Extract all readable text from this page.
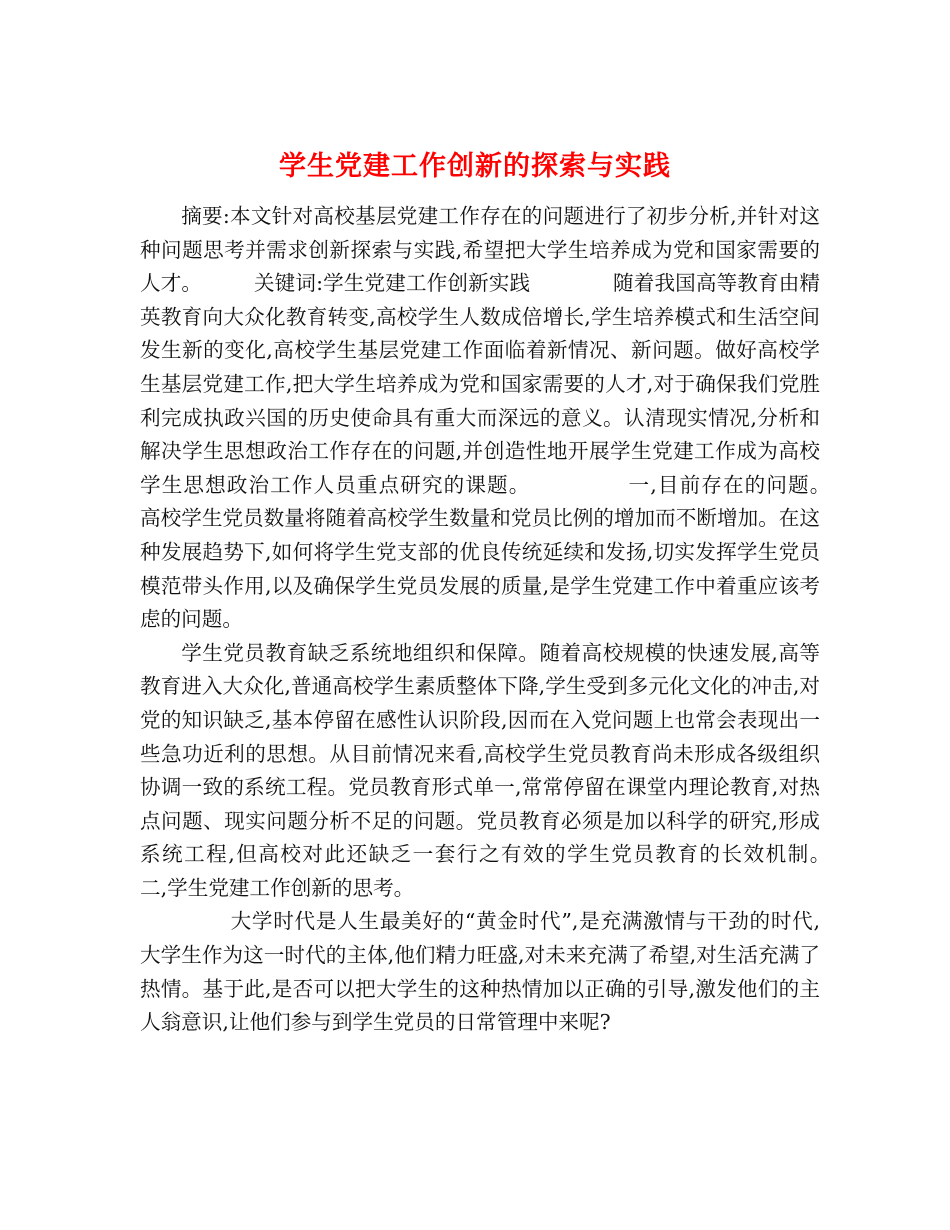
学生党建工作创新的探索与实践

摘要:本文针对高校基层党建工作存在的问题进行了初步分析,并针对这种问题思考并需求创新探索与实践,希望把大学生培养成为党和国家需要的人才。　　　关键词:学生党建工作创新实践　　　　随着我国高等教育由精英教育向大众化教育转变,高校学生人数成倍增长,学生培养模式和生活空间发生新的变化,高校学生基层党建工作面临着新情况、新问题。做好高校学生基层党建工作,把大学生培养成为党和国家需要的人才,对于确保我们党胜利完成执政兴国的历史使命具有重大而深远的意义。认清现实情况,分析和解决学生思想政治工作存在的问题,并创造性地开展学生党建工作成为高校学生思想政治工作人员重点研究的课题。　　　　　一,目前存在的问题。　　　　高校学生党员数量将随着高校学生数量和党员比例的增加而不断增加。在这种发展趋势下,如何将学生党支部的优良传统延续和发扬,切实发挥学生党员模范带头作用,以及确保学生党员发展的质量,是学生党建工作中着重应该考虑的问题。

学生党员教育缺乏系统地组织和保障。随着高校规模的快速发展,高等教育进入大众化,普通高校学生素质整体下降,学生受到多元化文化的冲击,对党的知识缺乏,基本停留在感性认识阶段,因而在入党问题上也常会表现出一些急功近利的思想。从目前情况来看,高校学生党员教育尚未形成各级组织协调一致的系统工程。党员教育形式单一,常常停留在课堂内理论教育,对热点问题、现实问题分析不足的问题。党员教育必须是加以科学的研究,形成系统工程,但高校对此还缺乏一套行之有效的学生党员教育的长效机制。　　　　二,学生党建工作创新的思考。

大学时代是人生最美好的“黄金时代”,是充满激情与干劲的时代,大学生作为这一时代的主体,他们精力旺盛,对未来充满了希望,对生活充满了热情。基于此,是否可以把大学生的这种热情加以正确的引导,激发他们的主人翁意识,让他们参与到学生党员的日常管理中来呢?
